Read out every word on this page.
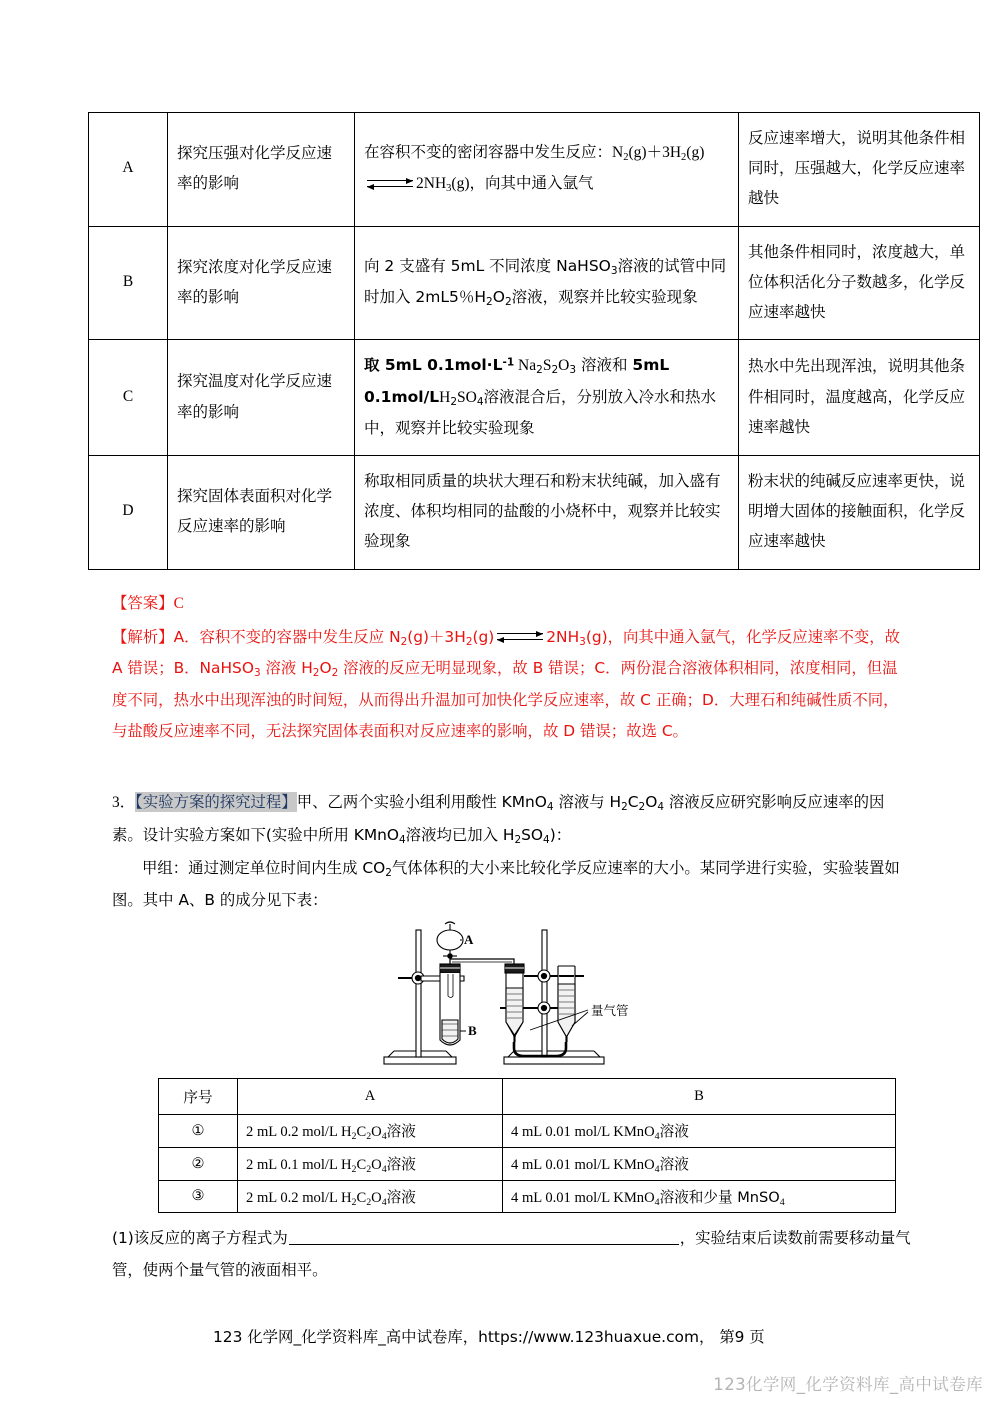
A	探究压强对化学反应速率的影响	在容积不变的密闭容器中发生反应：$N_2(g)+3H_2(g)$
⇌ $2NH_3(g)$，向其中通入氩气	反应速率增大，说明其他条件相同时，压强越大，化学反应速率越快
B	探究浓度对化学反应速率的影响	向 2 支盛有 5mL 不同浓度 NaHSO$_3$溶液的试管中同时加入 2mL5％$H_2O_2$溶液，观察并比较实验现象	其他条件相同时，浓度越大，单位体积活化分子数越多，化学反应速率越快
C	探究温度对化学反应速率的影响	取 5mL $0.1mol\cdot L^{-1}$ $Na_2S_2O_3$ 溶液和 5mL $0.1mol/LH_2SO_4$溶液混合后，分别放入冷水和热水中，观察并比较实验现象	热水中先出现浑浊，说明其他条件相同时，温度越高，化学反应速率越快
D	探究固体表面积对化学反应速率的影响	称取相同质量的块状大理石和粉末状纯碱，加入盛有浓度、体积均相同的盐酸的小烧杯中，观察并比较实验现象	粉末状的纯碱反应速率更快，说明增大固体的接触面积，化学反应速率越快

【答案】C

【解析】A．容积不变的容器中发生反应 $N_2(g)+3H_2(g)$	$2NH_3(g)$，向其中通入氩气，化学反应速率不变，故 A 错误；B．NaHSO$_3$ 溶液 $H_2O_2$ 溶液的反应无明显现象，故 B 错误；C．两份混合溶液体积相同，浓度相同，但温度不同，热水中出现浑浊的时间短，从而得出升温加可加快化学反应速率，故 C 正确；D．大理石和纯碱性质不同，与盐酸反应速率不同，无法探究固体表面积对反应速率的影响，故 D 错误；故选 C。

3．【实验方案的探究过程】甲、乙两个实验小组利用酸性 KMnO$_4$ 溶液与 $H_2C_2O_4$ 溶液反应研究影响反应速率的因素。设计实验方案如下(实验中所用 KMnO$_4$溶液均已加入 $H_2SO_4$)：

甲组：通过测定单位时间内生成 $CO_2$气体体积的大小来比较化学反应速率的大小。某同学进行实验，实验装置如图。其中 A、B 的成分见下表：

A
B
量气管
序号	A	B
①	2 mL 0.2 mol/L $H_2C_2O_4$溶液	4 mL 0.01 mol/L KMnO$_4$溶液
②	2 mL 0.1 mol/L $H_2C_2O_4$溶液	4 mL 0.01 mol/L KMnO$_4$溶液
③	2 mL 0.2 mol/L $H_2C_2O_4$溶液	4 mL 0.01 mol/L KMnO$_4$溶液和少量 MnSO$_4$

(1)该反应的离子方程式为	，实验结束后读数前需要移动量气管，使两个量气管的液面相平。

123 化学网_化学资料库_高中试卷库，https://www.123huaxue.com， 第9 页
123化学网_化学资料库_高中试卷库
